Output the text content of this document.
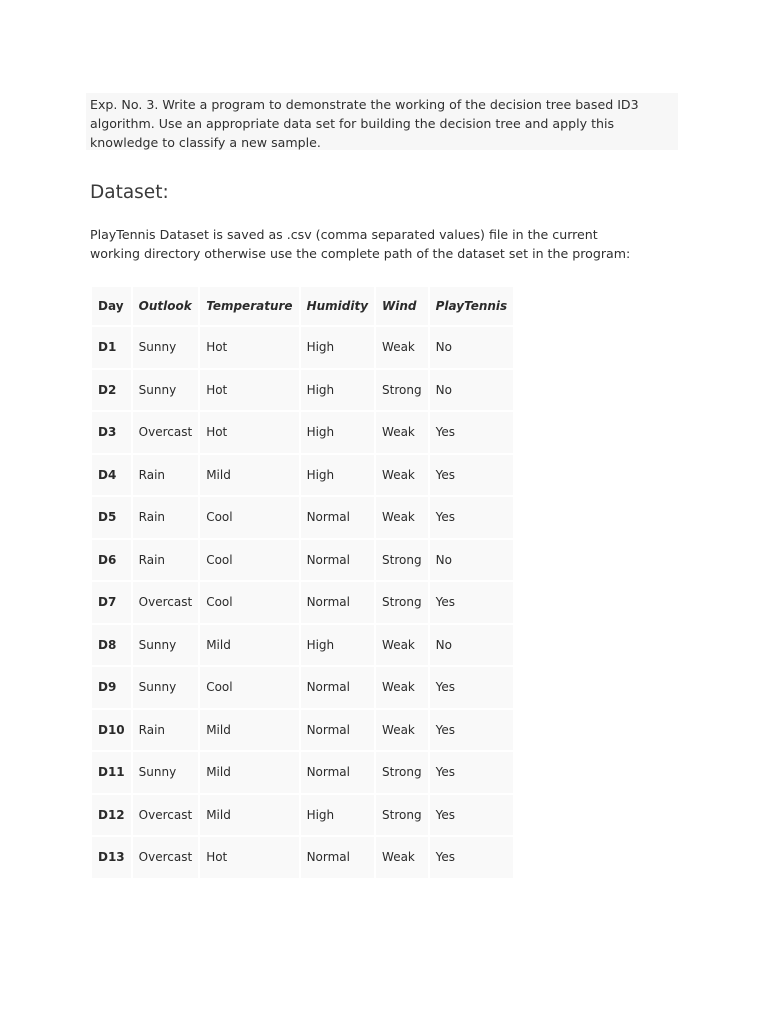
Exp. No. 3. Write a program to demonstrate the working of the decision tree based ID3 algorithm. Use an appropriate data set for building the decision tree and apply this knowledge to classify a new sample.
Dataset:

PlayTennis Dataset is saved as .csv (comma separated values) file in the current working directory otherwise use the complete path of the dataset set in the program:

Day	Outlook	Temperature	Humidity	Wind	PlayTennis
D1	Sunny	Hot	High	Weak	No
D2	Sunny	Hot	High	Strong	No
D3	Overcast	Hot	High	Weak	Yes
D4	Rain	Mild	High	Weak	Yes
D5	Rain	Cool	Normal	Weak	Yes
D6	Rain	Cool	Normal	Strong	No
D7	Overcast	Cool	Normal	Strong	Yes
D8	Sunny	Mild	High	Weak	No
D9	Sunny	Cool	Normal	Weak	Yes
D10	Rain	Mild	Normal	Weak	Yes
D11	Sunny	Mild	Normal	Strong	Yes
D12	Overcast	Mild	High	Strong	Yes
D13	Overcast	Hot	Normal	Weak	Yes
